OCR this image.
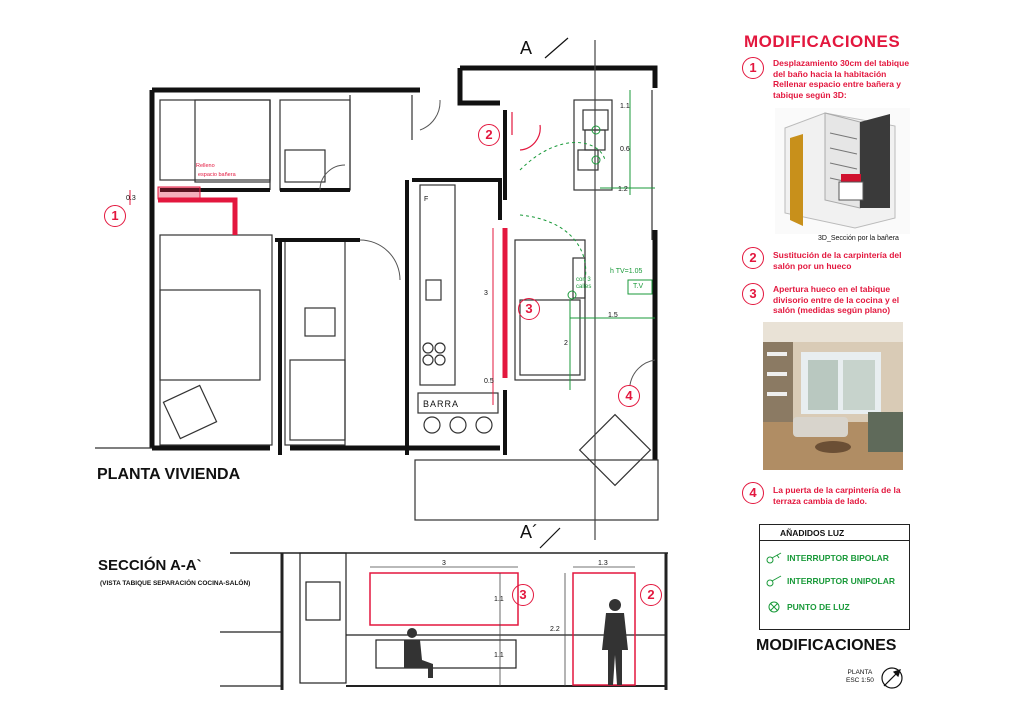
MODIFICACIONES
1	Desplazamiento 30cm del tabique
del baño hacia la habitación
Rellenar espacio entre bañera y
tabique según 3D:
3D_Sección por la bañera
2	Sustitución de la carpintería del
salón por un hueco
3	Apertura hueco en el tabique
divisorio entre de la cocina y el
salón (medidas según plano)
4	La puerta de la carpintería de la
terraza cambia de lado.
AÑADIDOS LUZ
INTERRUPTOR BIPOLAR
INTERRUPTOR UNIPOLAR
PUNTO DE LUZ
MODIFICACIONES
PLANTA
ESC 1:50
PLANTA VIVIENDA
SECCIÓN A-A`
(VISTA TABIQUE SEPARACIÓN COCINA-SALÓN)
A
A´
1
2
3
4
3	2
Relleno
espacio bañera
0.3
3
0.5
2
1.5
1.1
0.6
1.2
h TV=1.05
T.V
con 3
calles
BARRA
F
3	1.3
1.1
1.1
2.2
